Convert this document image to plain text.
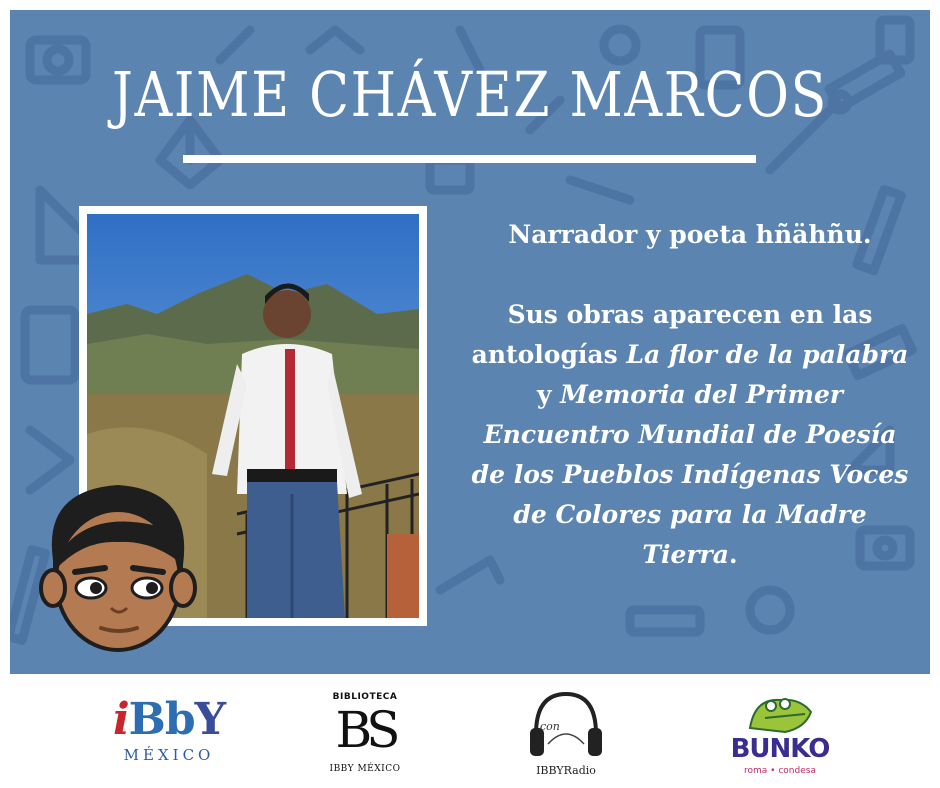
JAIME CHÁVEZ MARCOS

Narrador y poeta hñähñu.

Sus obras aparecen en las antologías La flor de la palabra y Memoria del Primer Encuentro Mundial de Poesía de los Pueblos Indígenas Voces de Colores para la Madre Tierra.

iBbY
MÉXICO
BIBLIOTECA
BS
IBBY MÉXICO
con
IBBYRadio
BUNKO
roma • condesa
